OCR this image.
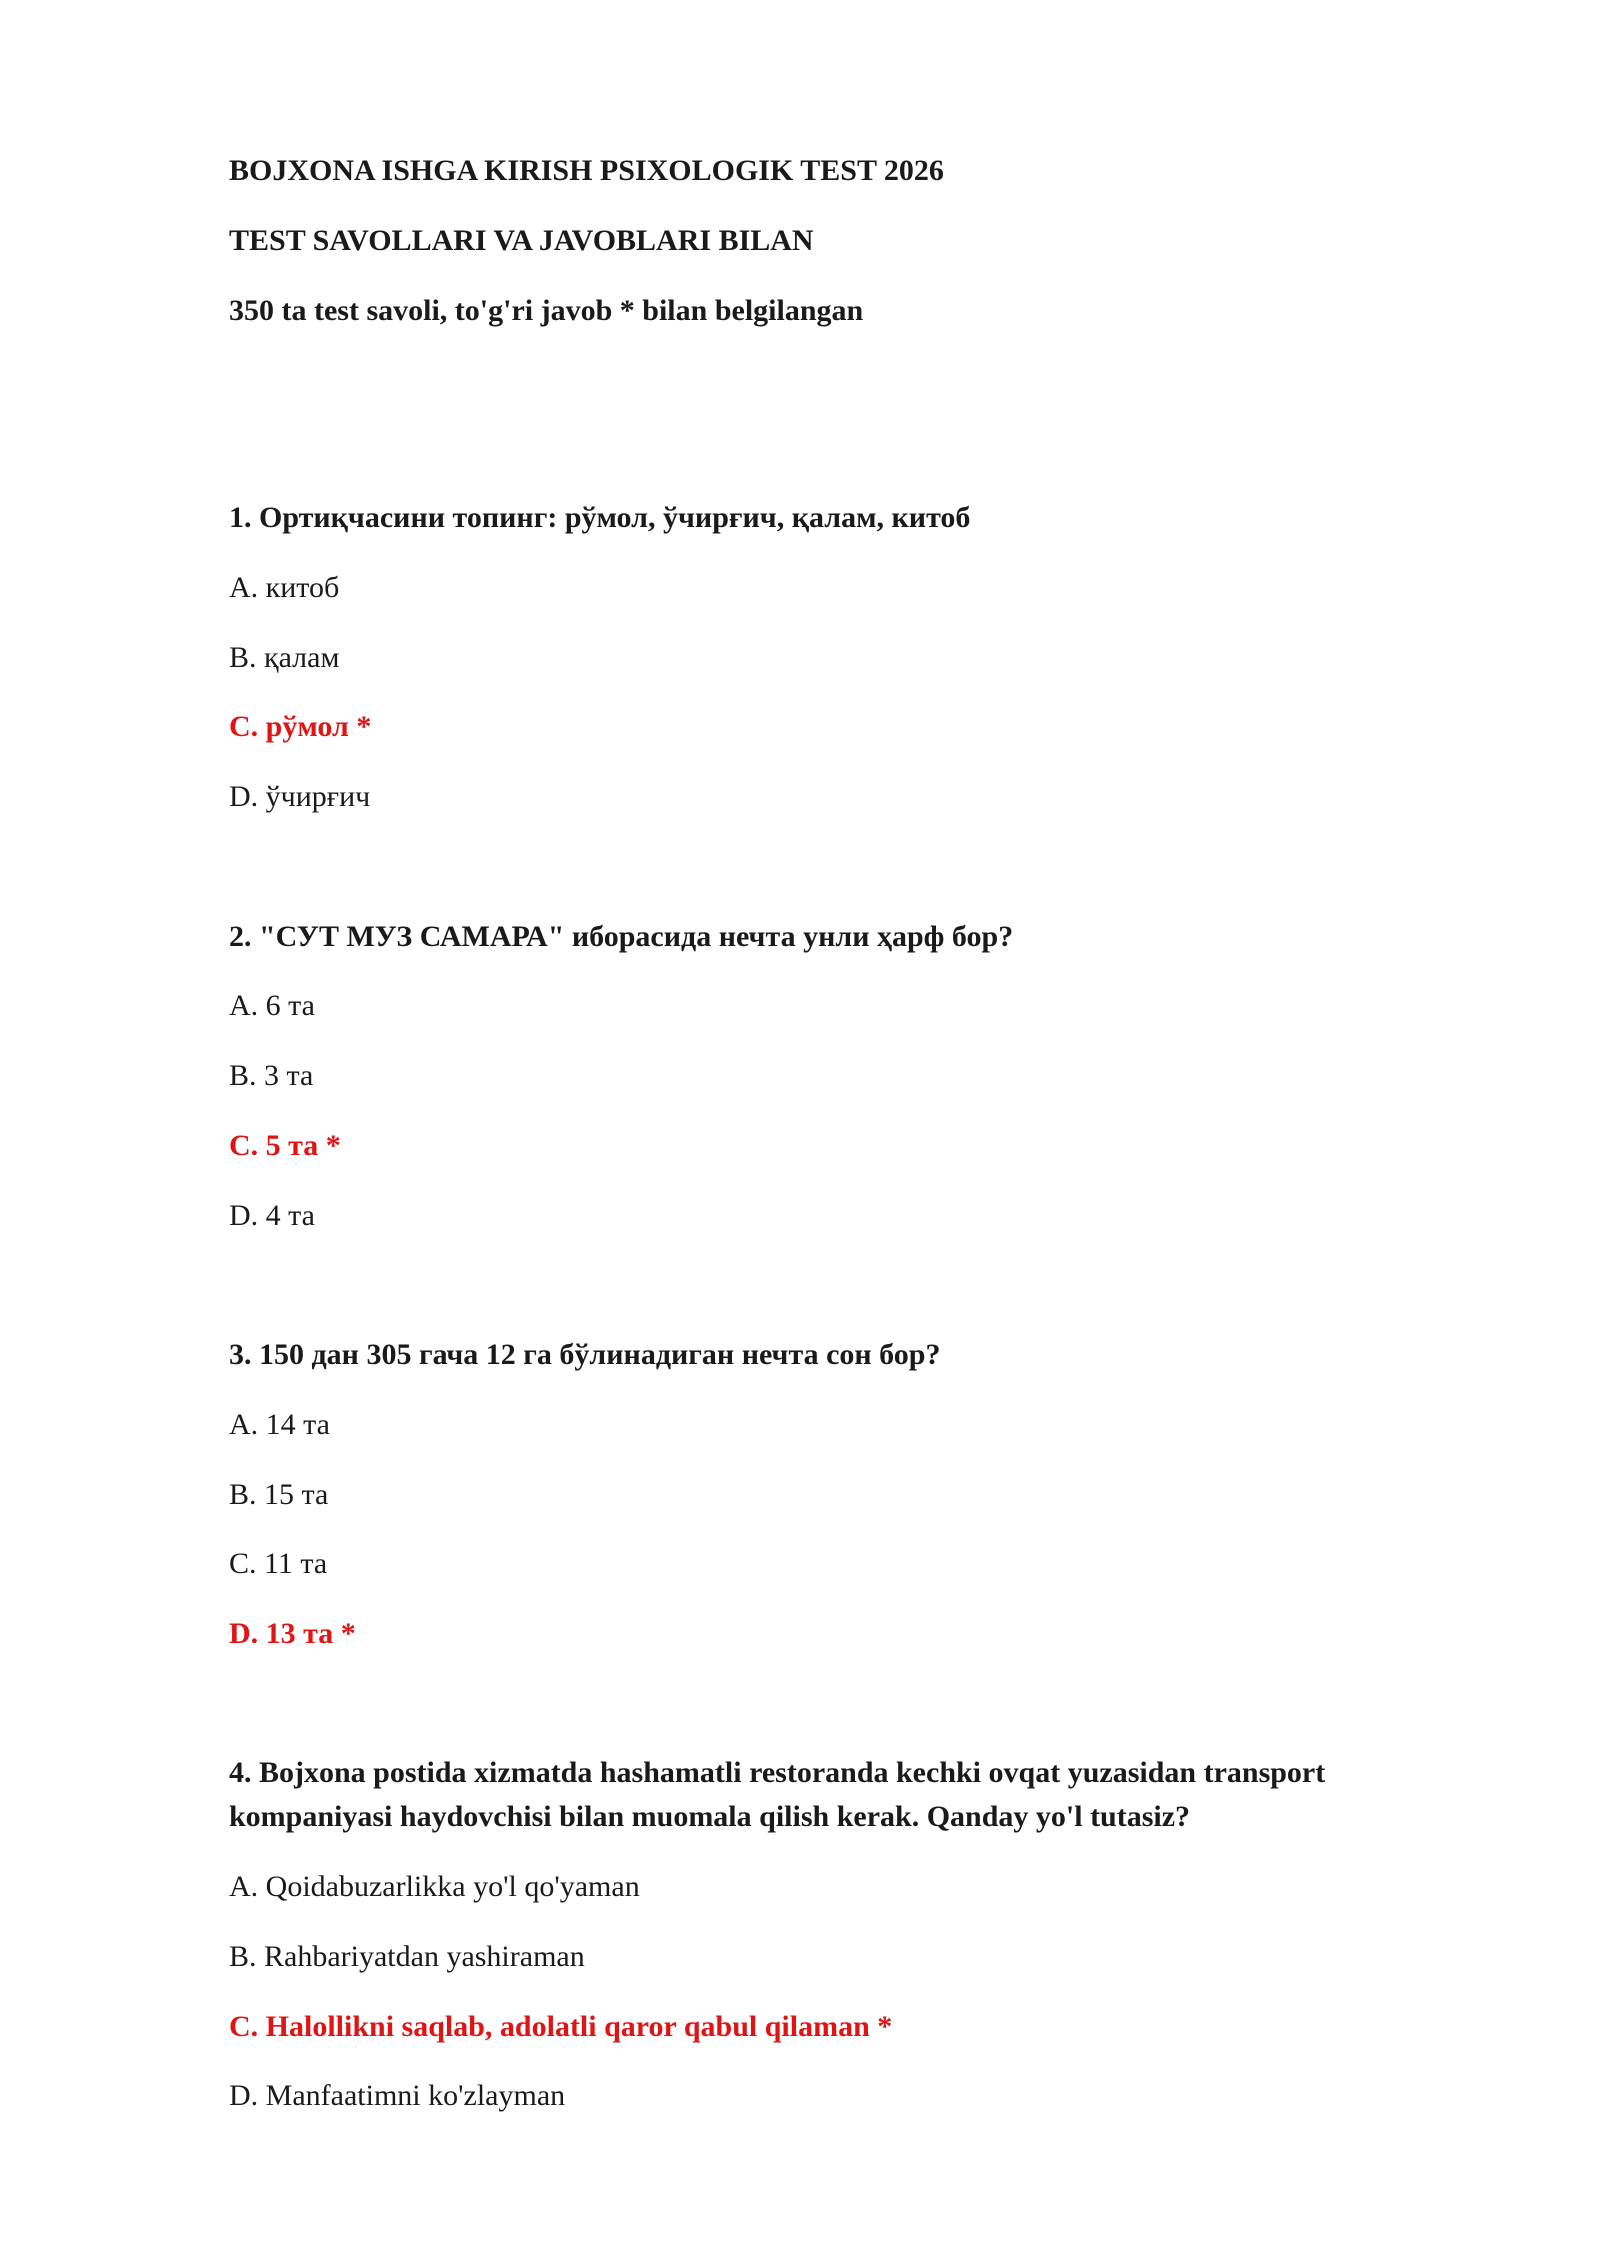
BOJXONA ISHGA KIRISH PSIXOLOGIK TEST 2026

TEST SAVOLLARI VA JAVOBLARI BILAN

350 ta test savoli, to'g'ri javob * bilan belgilangan

1. Ортиқчасини топинг: рўмол, ўчирғич, қалам, китоб

A. китоб

B. қалам

C. рўмол *

D. ўчирғич

2. "СУТ МУЗ САМАРА" иборасида нечта унли ҳарф бор?

A. 6 та

B. 3 та

C. 5 та *

D. 4 та

3. 150 дан 305 гача 12 га бўлинадиган нечта сон бор?

A. 14 та

B. 15 та

C. 11 та

D. 13 та *

4. Bojxona postida xizmatda hashamatli restoranda kechki ovqat yuzasidan transport

kompaniyasi haydovchisi bilan muomala qilish kerak. Qanday yo'l tutasiz?

A. Qoidabuzarlikka yo'l qo'yaman

B. Rahbariyatdan yashiraman

C. Halollikni saqlab, adolatli qaror qabul qilaman *

D. Manfaatimni ko'zlayman
